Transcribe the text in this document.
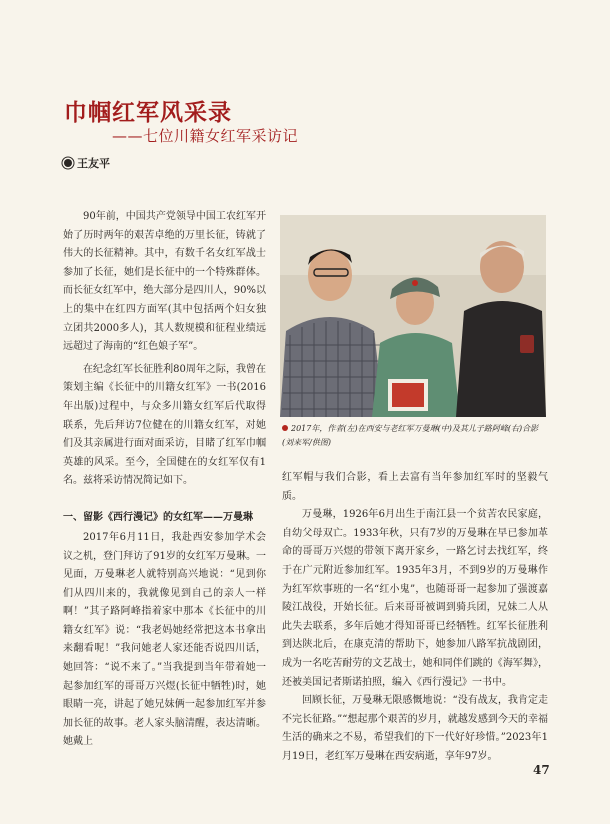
巾帼红军风采录
——七位川籍女红军采访记
王友平

90年前，中国共产党领导中国工农红军开始了历时两年的艰苦卓绝的万里长征，铸就了伟大的长征精神。其中，有数千名女红军战士参加了长征，她们是长征中的一个特殊群体。而长征女红军中，绝大部分是四川人，90%以上的集中在红四方面军(其中包括两个妇女独立团共2000多人)，其人数规模和征程业绩远远超过了海南的“红色娘子军”。

在纪念红军长征胜利80周年之际，我曾在策划主编《长征中的川籍女红军》一书(2016年出版)过程中，与众多川籍女红军后代取得联系，先后拜访7位健在的川籍女红军，对她们及其亲属进行面对面采访，目睹了红军巾帼英雄的风采。至今，全国健在的女红军仅有1名。兹将采访情况简记如下。

一、留影《西行漫记》的女红军——万曼琳

2017年6月11日，我赴西安参加学术会议之机，登门拜访了91岁的女红军万曼琳。一见面，万曼琳老人就特别高兴地说：“见到你们从四川来的，我就像见到自己的亲人一样啊！”其子路阿峰指着家中那本《长征中的川籍女红军》说：“我老妈她经常把这本书拿出来翻看呢！”我问她老人家还能否说四川话，她回答：“说不来了。”当我提到当年带着她一起参加红军的哥哥万兴煜(长征中牺牲)时，她眼睛一亮，讲起了她兄妹俩一起参加红军并参加长征的故事。老人家头脑清醒，表达清晰。她戴上

2017年，作者(左)在西安与老红军万曼琳(中)及其儿子路阿峰(右)合影(刘来军/供图)

红军帽与我们合影，看上去富有当年参加红军时的坚毅气质。

万曼琳，1926年6月出生于南江县一个贫苦农民家庭，自幼父母双亡。1933年秋，只有7岁的万曼琳在早已参加革命的哥哥万兴煜的带领下离开家乡，一路乞讨去找红军，终于在广元附近参加红军。1935年3月，不到9岁的万曼琳作为红军炊事班的一名“红小鬼”，也随哥哥一起参加了强渡嘉陵江战役，开始长征。后来哥哥被调到骑兵团，兄妹二人从此失去联系，多年后她才得知哥哥已经牺牲。红军长征胜利到达陕北后，在康克清的帮助下，她参加八路军抗战剧团，成为一名吃苦耐劳的文艺战士，她和同伴们跳的《海军舞》，还被美国记者斯诺拍照，编入《西行漫记》一书中。

回顾长征，万曼琳无限感慨地说：“没有战友，我肯定走不完长征路。”“想起那个艰苦的岁月，就越发感到今天的幸福生活的确来之不易，希望我们的下一代好好珍惜。”2023年1月19日，老红军万曼琳在西安病逝，享年97岁。

47
